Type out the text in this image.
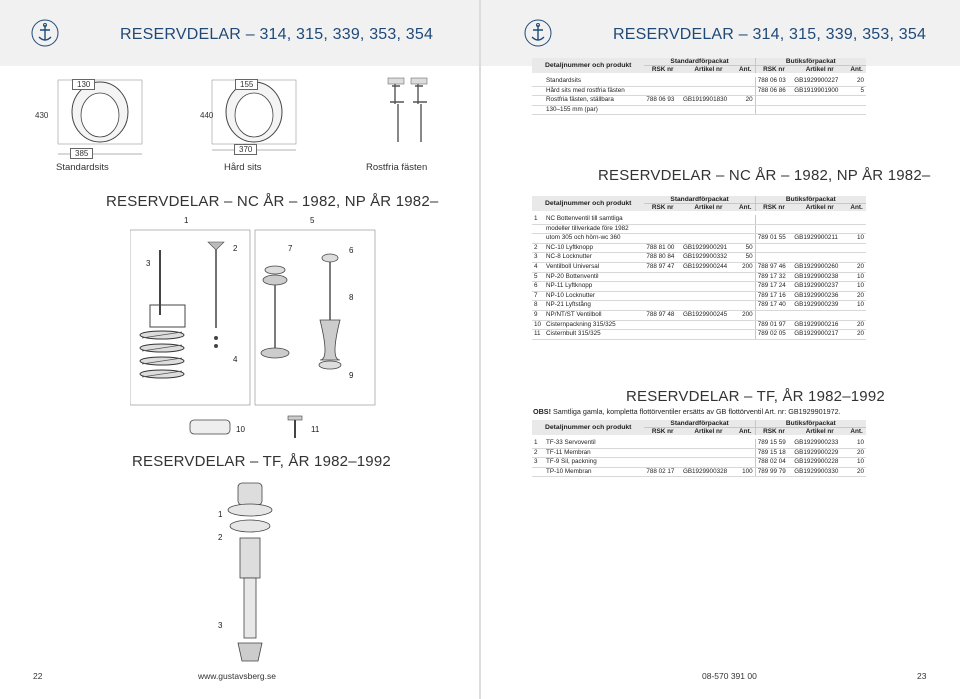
RESERVDELAR – 314, 315, 339, 353, 354	RESERVDELAR – 314, 315, 339, 353, 354
130
430
385
155
440
370
Standardsits	Hård sits	Rostfria fästen
RESERVDELAR – NC ÅR – 1982, NP ÅR 1982–
1	5
3
2	7	6
8
4
9
10	11
RESERVDELAR – TF, ÅR 1982–1992
1
2
3
22	www.gustavsberg.se	08-570 391 00	23
Detaljnummer och produkt		Standardförpackat			Butiksförpackat		
		RSK nr	Artikel nr	Ant.	RSK nr	Artikel nr	Ant.

	Standardsits				788 06 03	GB1929900227	20
	Hård sits med rostfria fästen				788 06 86	GB1919901900	5
	Rostfria fästen, ställbara	788 06 93	GB1919901830	20			
	130–155 mm (par)						
RESERVDELAR – NC ÅR – 1982, NP ÅR 1982–
Detaljnummer och produkt		Standardförpackat			Butiksförpackat		
		RSK nr	Artikel nr	Ant.	RSK nr	Artikel nr	Ant.

1	NC Bottenventil till samtliga						
	modeller tillverkade före 1982						
	utom 305 och hörn-wc 360				789 01 55	GB1929900211	10
2	NC-10 Lyftknopp	788 81 00	GB1929900291	50			
3	NC-8 Locknutter	788 80 84	GB1929900332	50			
4	Ventilboll Universal	788 97 47	GB1929900244	200	788 97 46	GB1929900260	20
5	NP-20 Bottenventil				789 17 32	GB1929900238	10
6	NP-11 Lyftknopp				789 17 24	GB1929900237	10
7	NP-10 Locknutter				789 17 16	GB1929900236	20
8	NP-21 Lyftstång				789 17 40	GB1929900239	10
9	NP/NT/ST Ventilboll	788 97 48	GB1929900245	200			
10	Cisternpackning 315/325				789 01 97	GB1929900216	20
11	Cisternbult 315/325				789 02 05	GB1929900217	20
RESERVDELAR – TF, ÅR 1982–1992
OBS! Samtliga gamla, kompletta flottörventiler ersätts av GB flottörventil Art. nr: GB1929901972.
Detaljnummer och produkt		Standardförpackat			Butiksförpackat		
		RSK nr	Artikel nr	Ant.	RSK nr	Artikel nr	Ant.

1	TF-33 Servoventil				789 15 59	GB1929900233	10
2	TF-11 Membran				789 15 18	GB1929900229	20
3	TF-9 Sil, packning				788 02 04	GB1929900228	10
	TP-10 Membran	788 02 17	GB1929900328	100	789 99 79	GB1929900330	20
